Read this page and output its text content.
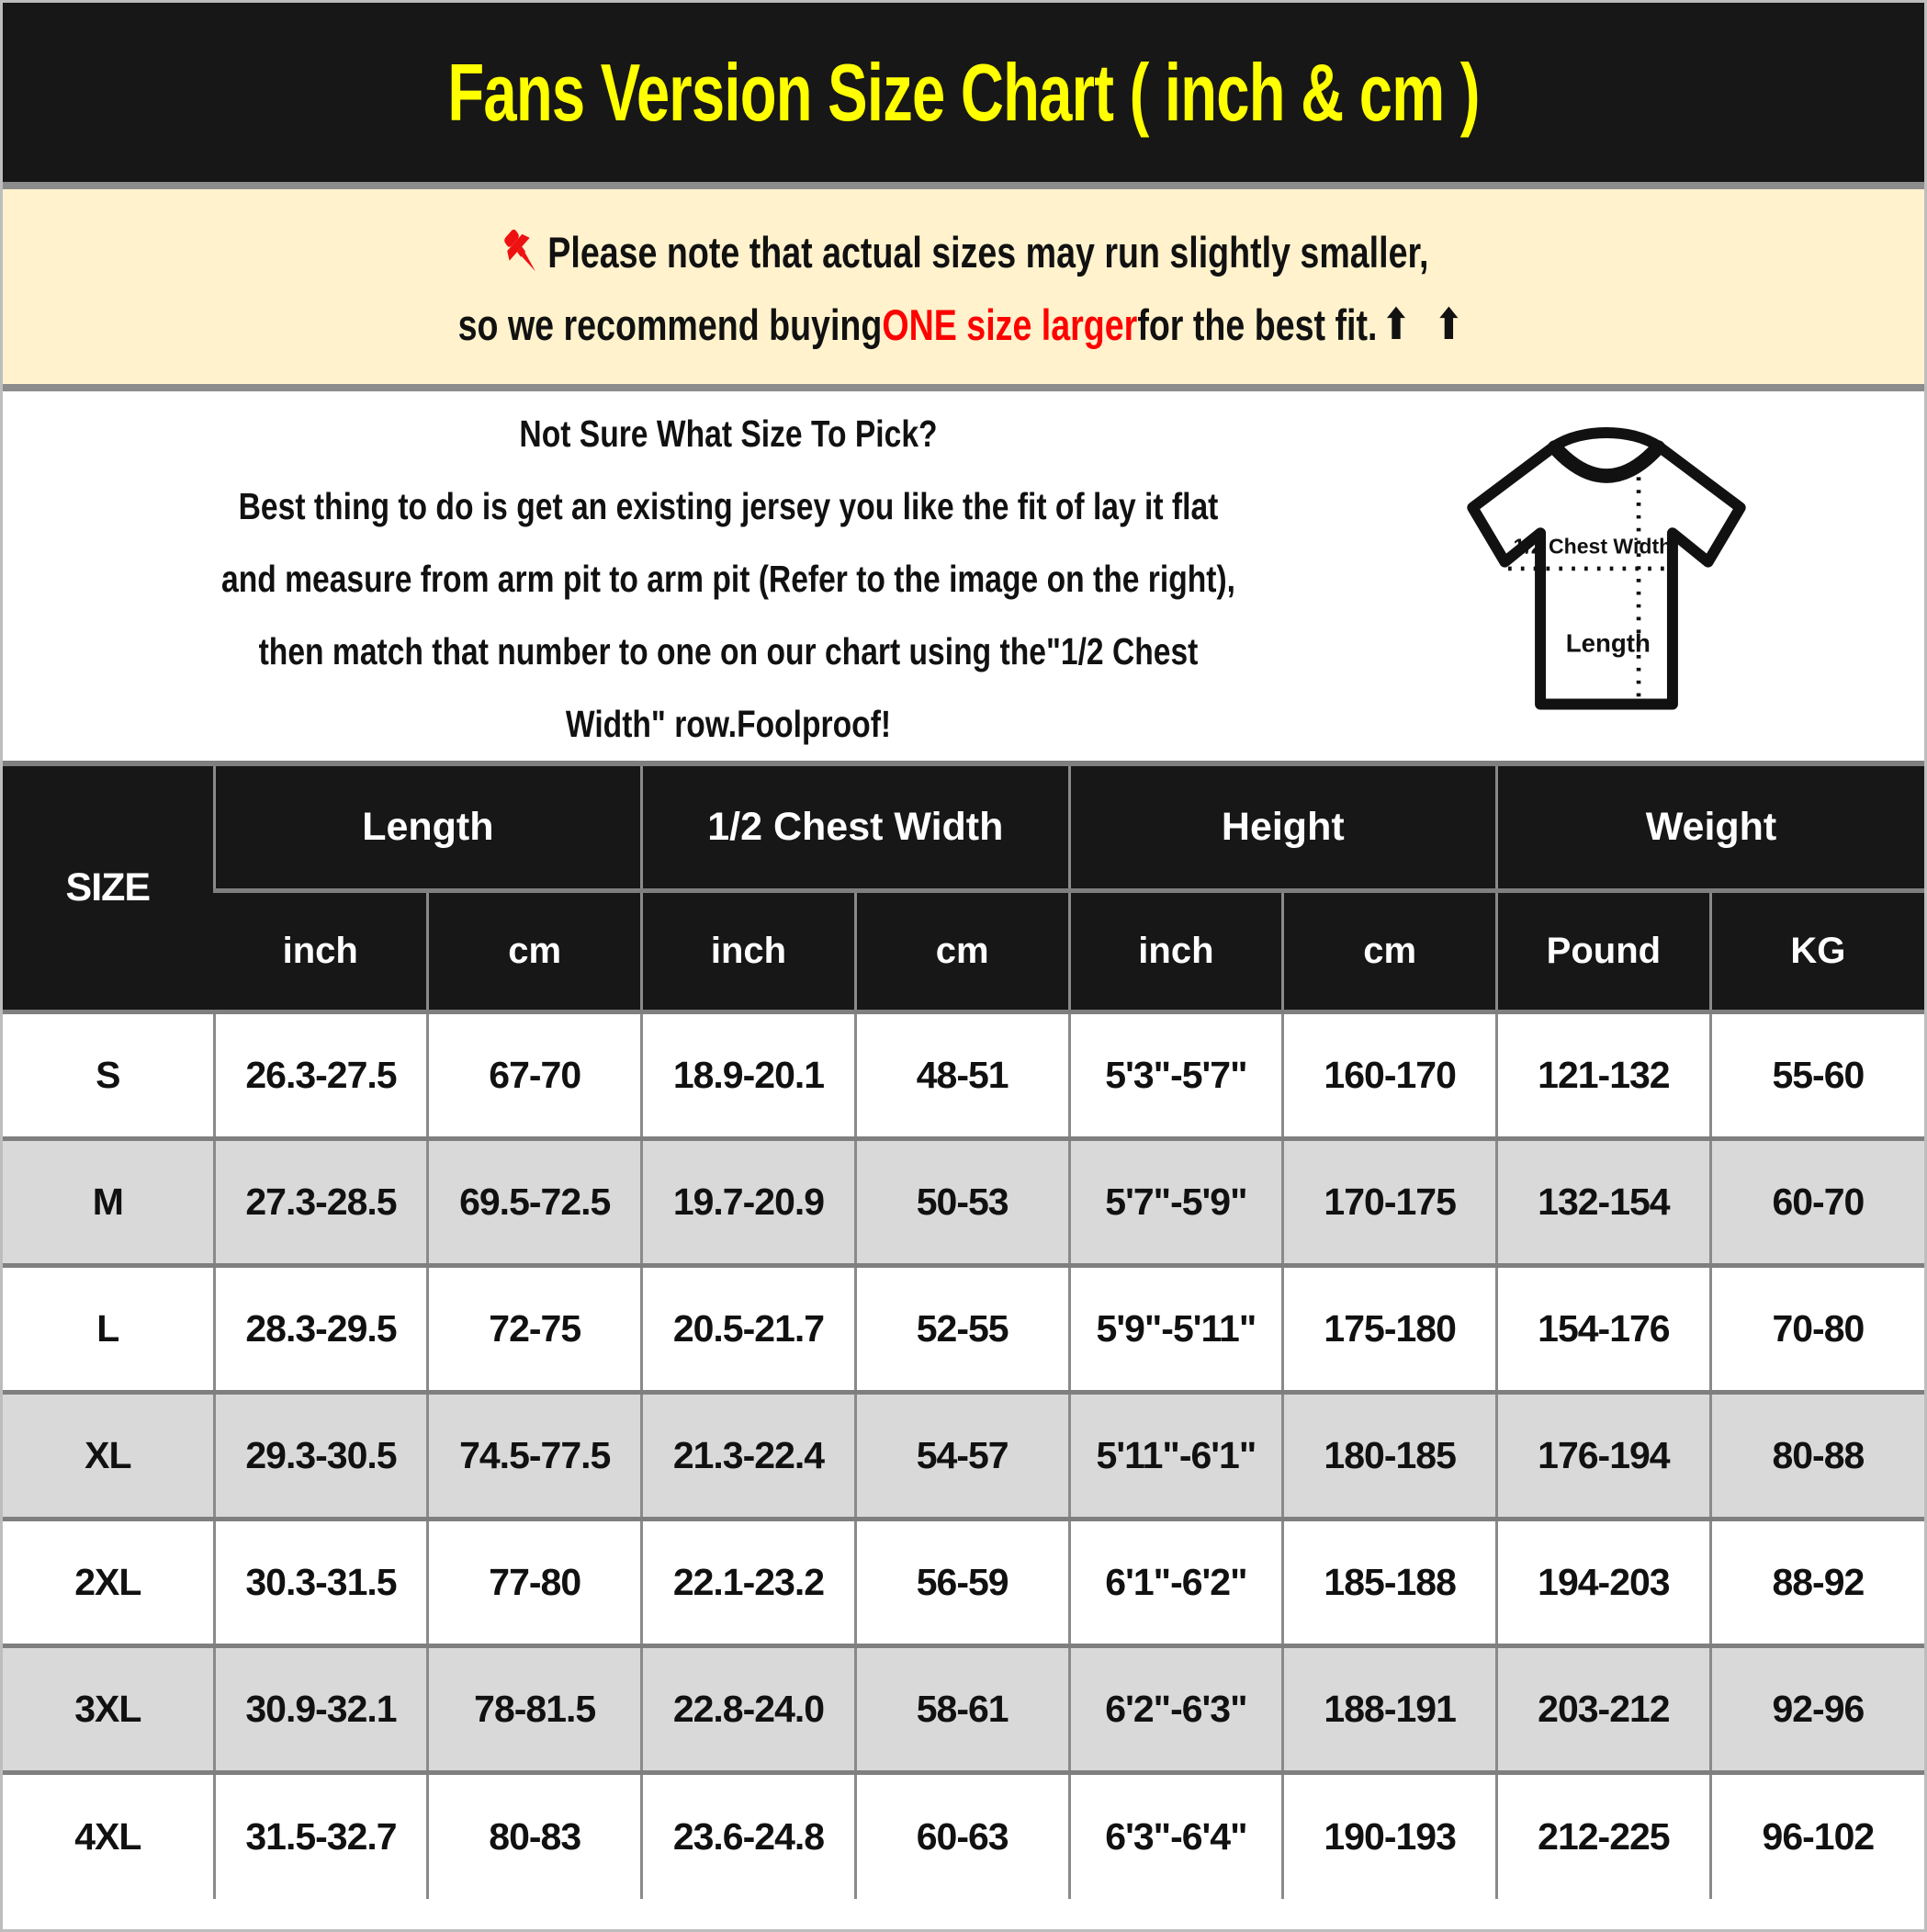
Fans Version Size Chart ( inch & cm )
Please note that actual sizes may run slightly smaller,
so we recommend buying ONE size larger for the best fit. ⬆ ⬆
Not Sure What Size To Pick?
Best thing to do is get an existing jersey you like the fit of lay it flat
and measure from arm pit to arm pit (Refer to the image on the right),
then match that number to one on our chart using the"1/2 Chest
Width" row.Foolproof!
1/2 Chest Width
Length
SIZE	Length		1/2 Chest Width		Height		Weight	
	inch	cm	inch	cm	inch	cm	Pound	KG
S	26.3-27.5	67-70	18.9-20.1	48-51	5'3"-5'7"	160-170	121-132	55-60
M	27.3-28.5	69.5-72.5	19.7-20.9	50-53	5'7"-5'9"	170-175	132-154	60-70
L	28.3-29.5	72-75	20.5-21.7	52-55	5'9"-5'11"	175-180	154-176	70-80
XL	29.3-30.5	74.5-77.5	21.3-22.4	54-57	5'11"-6'1"	180-185	176-194	80-88
2XL	30.3-31.5	77-80	22.1-23.2	56-59	6'1"-6'2"	185-188	194-203	88-92
3XL	30.9-32.1	78-81.5	22.8-24.0	58-61	6'2"-6'3"	188-191	203-212	92-96
4XL	31.5-32.7	80-83	23.6-24.8	60-63	6'3"-6'4"	190-193	212-225	96-102
